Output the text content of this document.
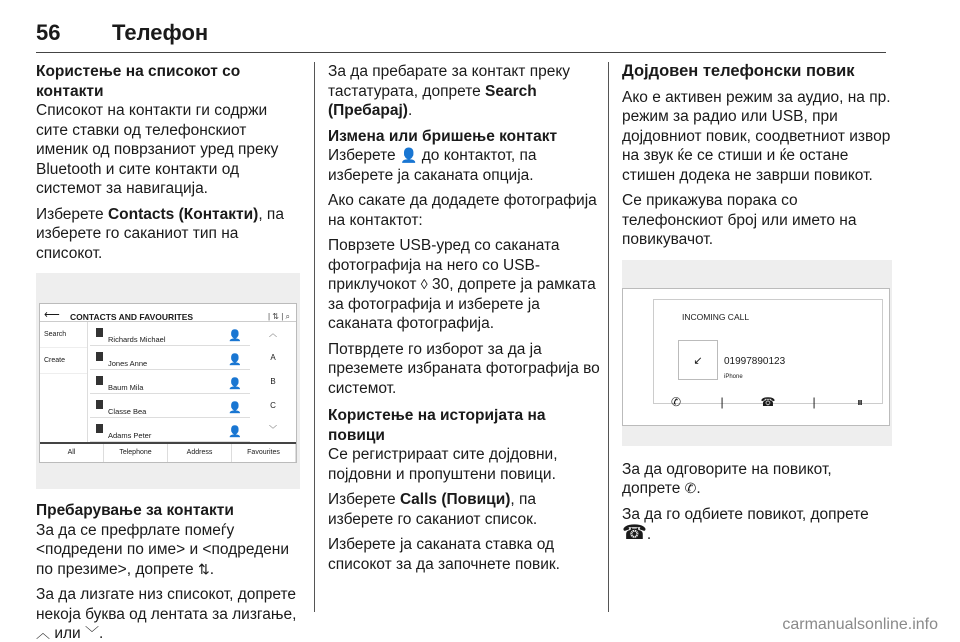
56 Телефон
Користење на списокот со контакти

Списокот на контакти ги содржи сите ставки од телефонскиот именик од поврзаниот уред преку Bluetooth и сите контакти од системот за навигација.

Изберете Contacts (Контакти), па изберете го саканиот тип на списокот.

⟵ CONTACTS AND FAVOURITES	| ⇅ | ⌕
Search
Create
Richards Michael	👤
Jones Anne	👤
Baum Mila	👤
Classe Bea	👤
Adams Peter	👤
︿
A
B
C
﹀
All	Telephone	Address	Favourites
Пребарување за контакти

За да се префрлате помеѓу <подредени по име> и <подредени по презиме>, допрете ⇅.

За да лизгате низ списокот, допрете некоја буква од лентата за лизгање, ︿ или ﹀.

За да пребарате за контакт преку тастатурата, допрете Search (Пребарај).

Измена или бришење контакт

Изберете 👤 до контактот, па изберете ја саканата опција.

Ако сакате да додадете фотографија на контактот:

Поврзете USB-уред со саканата фотографија на него со USB-приклучокот ◊ 30, допрете ја рамката за фотографија и изберете ја саканата фотографија.

Потврдете го изборот за да ја преземете избраната фотографија во системот.

Користење на историјата на повици

Се регистрираат сите дојдовни, појдовни и пропуштени повици.

Изберете Calls (Повици), па изберете го саканиот список.

Изберете ја саканата ставка од списокот за да започнете повик.

Дојдовен телефонски повик

Ако е активен режим за аудио, на пр. режим за радио или USB, при дојдовниот повик, соодветниот извор на звук ќе се стиши и ќе остане стишен додека не заврши повикот.

Се прикажува порака со телефонскиот број или името на повикувачот.

INCOMING CALL
↙	01997890123
iPhone
✆	|	☎	|	⏸

За да одговорите на повикот, допрете ✆.

За да го одбиете повикот, допрете
☎.

carmanualsonline.info
